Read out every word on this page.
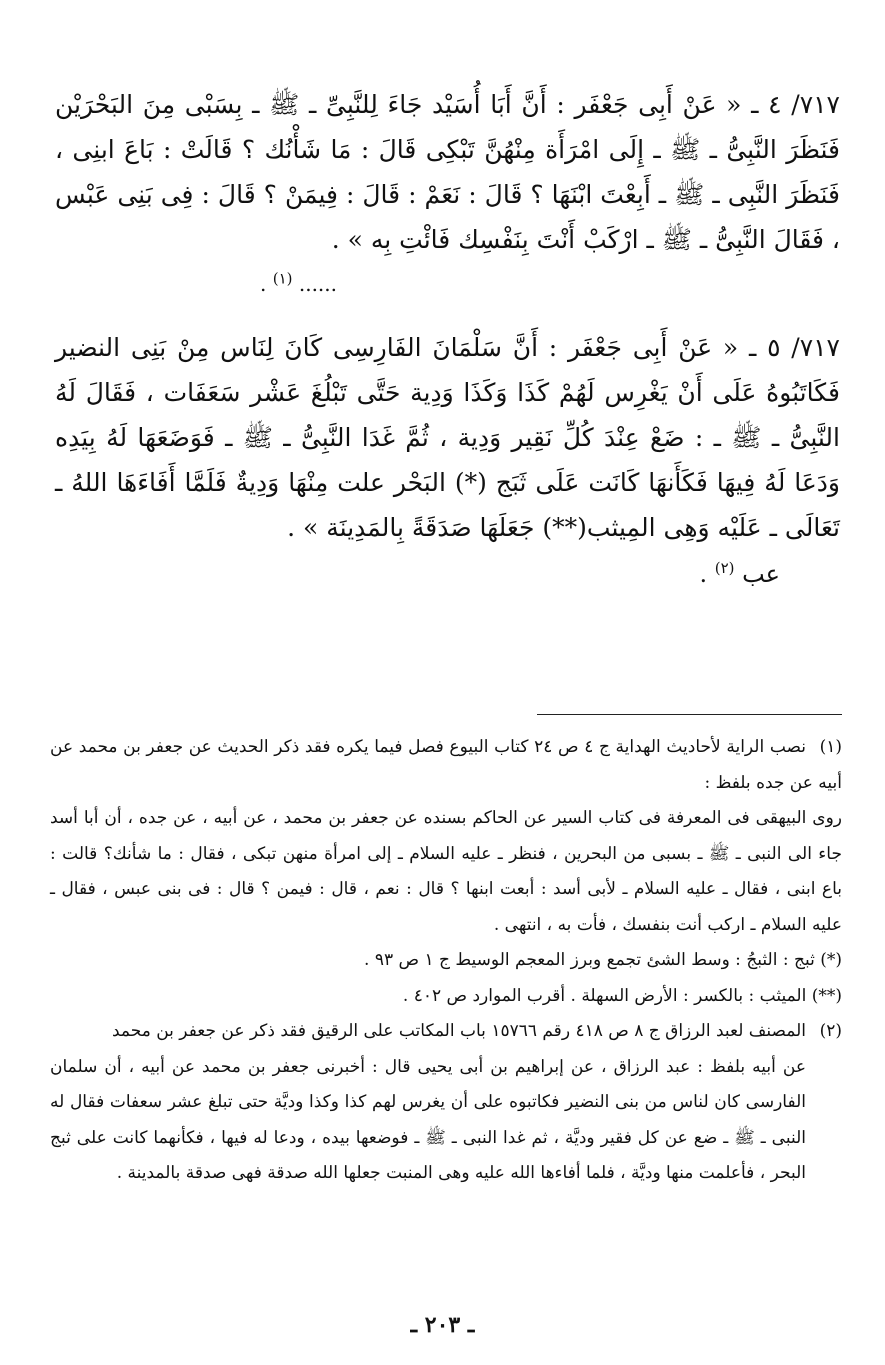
٧١٧/ ٤ ـ « عَنْ أَبِى جَعْفَر : أَنَّ أَبَا أُسَيْد جَاءَ لِلنَّبِىِّ ـ ﷺ ـ بِسَبْى مِنَ البَحْرَيْن فَنَظَرَ النَّبِىُّ ـ ﷺ ـ إِلَى امْرَأَة مِنْهُنَّ تَبْكِى قَالَ : مَا شَأْنُك ؟ قَالَتْ : بَاعَ ابنِى ، فَنَظَرَ النَّبِى ـ ﷺ ـ أَبِعْتَ ابْنَهَا ؟ قَالَ : نَعَمْ : قَالَ : فِيمَنْ ؟ قَالَ : فِى بَنِى عَبْس ، فَقَالَ النَّبِىُّ ـ ﷺ ـ ارْكَبْ أَنْتَ بِنَفْسِك فَائْتِ بِه » .

...... $^{(١)}$ .

٧١٧/ ٥ ـ « عَنْ أَبِى جَعْفَر : أَنَّ سَلْمَانَ الفَارِسِى كَانَ لِنَاس مِنْ بَنِى النضير فَكَاتَبُوهُ عَلَى أَنْ يَغْرِس لَهُمْ كَذَا وَكَذَا وَدِية حَتَّى تَبْلُغَ عَشْر سَعَفَات ، فَقَالَ لَهُ النَّبِىُّ ـ ﷺ ـ : ضَعْ عِنْدَ كُلِّ نَقِير وَدِية ، ثُمَّ غَدَا النَّبِىُّ ـ ﷺ ـ فَوَضَعَهَا لَهُ بِيَدِه وَدَعَا لَهُ فِيهَا فَكَأَنهَا كَانَت عَلَى ثَبَج (*) البَحْر علت مِنْهَا وَدِيةٌ فَلَمَّا أَفَاءَهَا اللهُ ـ تَعَالَى ـ عَلَيْه وَهِى المِيثب(**) جَعَلَهَا صَدَقَةً بِالمَدِينَة » .

عب $^{(٢)}$ .

(١)نصب الراية لأحاديث الهداية ج ٤ ص ٢٤ كتاب البيوع فصل فيما يكره فقد ذكر الحديث عن جعفر بن محمد عن أبيه عن جده بلفظ :

روى البيهقى فى المعرفة فى كتاب السير عن الحاكم بسنده عن جعفر بن محمد ، عن أبيه ، عن جده ، أن أبا أسد جاء الى النبى ـ ﷺ ـ بسبى من البحرين ، فنظر ـ عليه السلام ـ إلى امرأة منهن تبكى ، فقال : ما شأنك؟ قالت : باع ابنى ، فقال ـ عليه السلام ـ لأبى أسد : أبعت ابنها ؟ قال : نعم ، قال : فيمن ؟ قال : فى بنى عبس ، فقال ـ عليه السلام ـ اركب أنت بنفسك ، فأت به ، انتهى .

(*) ثبج : الثبجُ : وسط الشئ تجمع وبرز المعجم الوسيط ج ١ ص ٩٣ .

(**) الميثب : بالكسر : الأرض السهلة . أقرب الموارد ص ٤٠٢ .

(٢)المصنف لعبد الرزاق ج ٨ ص ٤١٨ رقم ١٥٧٦٦ باب المكاتب على الرقيق فقد ذكر عن جعفر بن محمد

عن أبيه بلفظ : عبد الرزاق ، عن إبراهيم بن أبى يحيى قال : أخبرنى جعفر بن محمد عن أبيه ، أن سلمان الفارسى كان لناس من بنى النضير فكاتبوه على أن يغرس لهم كذا وكذا وديَّة حتى تبلغ عشر سعفات فقال له النبى ـ ﷺ ـ ضع عن كل فقير وديَّة ، ثم غدا النبى ـ ﷺ ـ فوضعها بيده ، ودعا له فيها ، فكأنهما كانت على ثبج البحر ، فأعلمت منها وديَّة ، فلما أفاءها الله عليه وهى المنبت جعلها الله صدقة فهى صدقة بالمدينة .

ـ ٢٠٣ ـ
